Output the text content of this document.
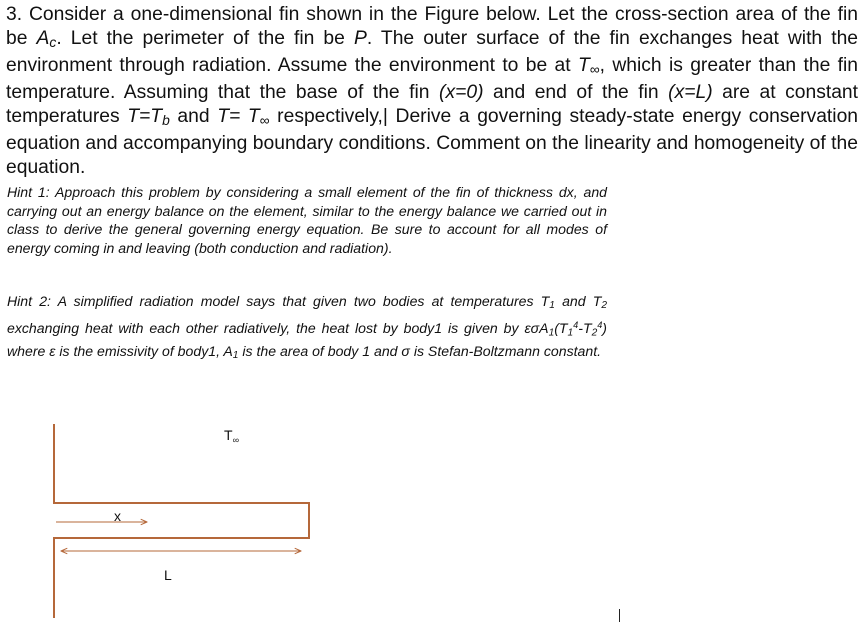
3. Consider a one-dimensional fin shown in the Figure below. Let the cross-section area of the fin be $A_c$. Let the perimeter of the fin be P. The outer surface of the fin exchanges heat with the environment through radiation. Assume the environment to be at $T_\infty$, which is greater than the fin temperature. Assuming that the base of the fin (x=0) and end of the fin (x=L) are at constant temperatures $T=T_b$ and $T= T_\infty$ respectively,| Derive a governing steady-state energy conservation equation and accompanying boundary conditions. Comment on the linearity and homogeneity of the equation.
Hint 1: Approach this problem by considering a small element of the fin of thickness dx, and carrying out an energy balance on the element, similar to the energy balance we carried out in class to derive the general governing energy equation. Be sure to account for all modes of energy coming in and leaving (both conduction and radiation).
Hint 2: A simplified radiation model says that given two bodies at temperatures $T_1$ and $T_2$ exchanging heat with each other radiatively, the heat lost by body1 is given by $\varepsilon\sigma A_1(T_1^4-T_2^4)$ where ε is the emissivity of body1, $A_1$ is the area of body 1 and σ is Stefan-Boltzmann constant.
$T_\infty$
x
L
